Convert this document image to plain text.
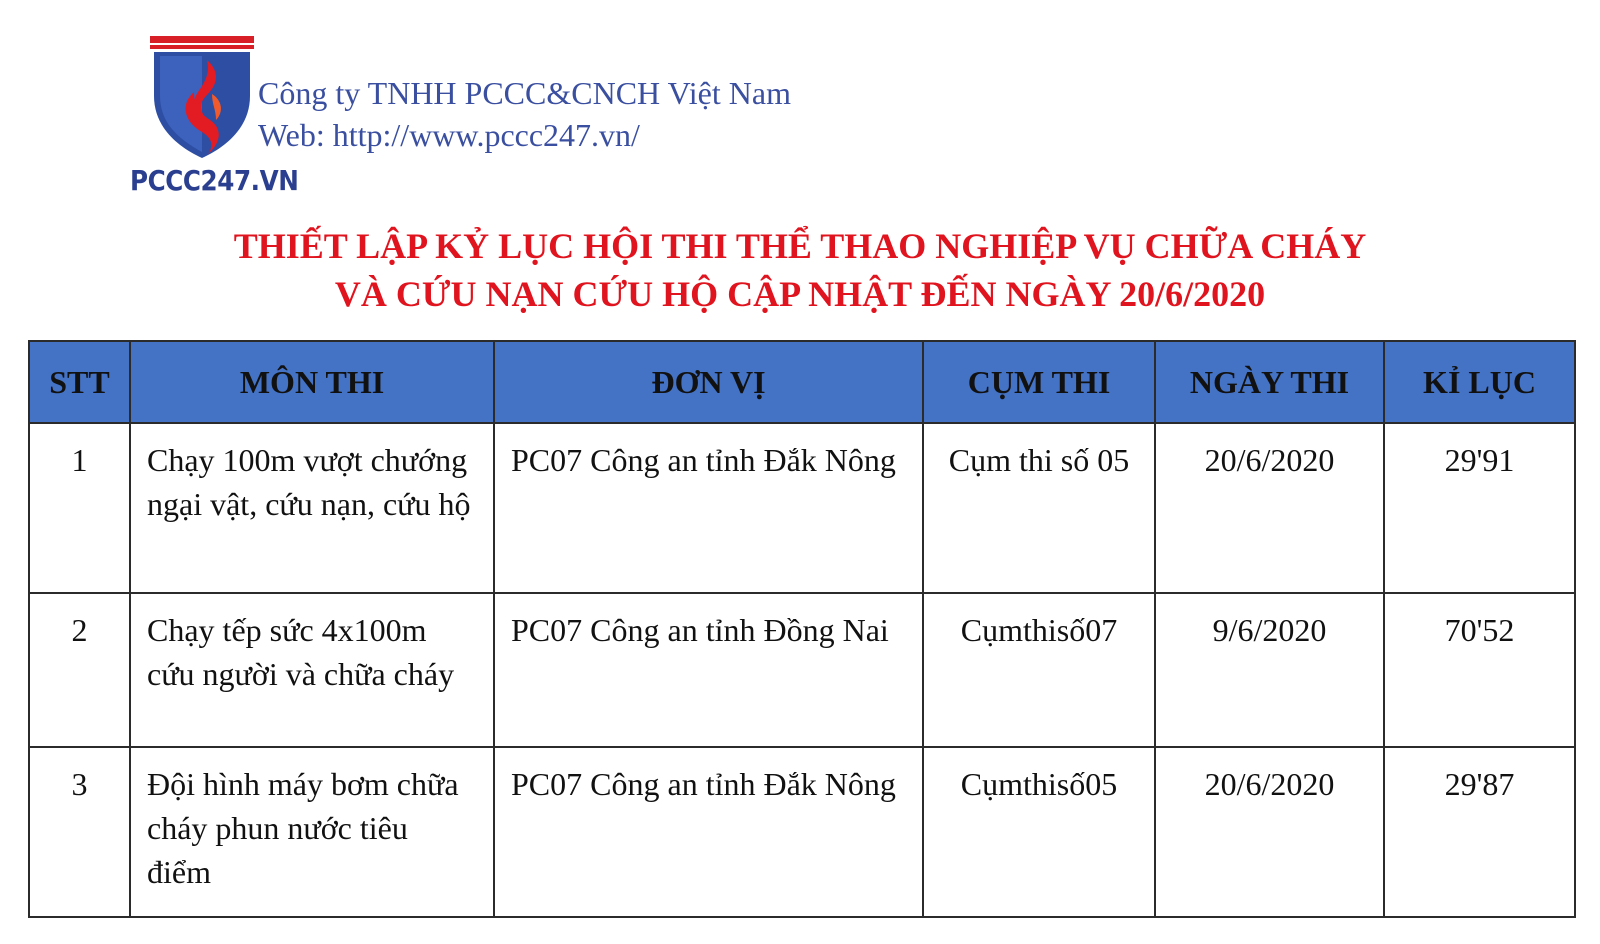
PCCC247.VN
Công ty TNHH PCCC&CNCH Việt Nam
Web: http://www.pccc247.vn/
THIẾT LẬP KỶ LỤC HỘI THI THỂ THAO NGHIỆP VỤ CHỮA CHÁY
VÀ CỨU NẠN CỨU HỘ CẬP NHẬT ĐẾN NGÀY 20/6/2020
STT	MÔN THI	ĐƠN VỊ	CỤM THI	NGÀY THI	KỈ LỤC
1	Chạy 100m vượt chướng ngại vật, cứu nạn, cứu hộ	PC07 Công an tỉnh Đắk Nông	Cụm thi số 05	20/6/2020	29'91
2	Chạy tếp sức 4x100m cứu người và chữa cháy	PC07 Công an tỉnh Đồng Nai	Cụmthisố07	9/6/2020	70'52
3	Đội hình máy bơm chữa cháy phun nước tiêu điểm	PC07 Công an tỉnh Đắk Nông	Cụmthisố05	20/6/2020	29'87
